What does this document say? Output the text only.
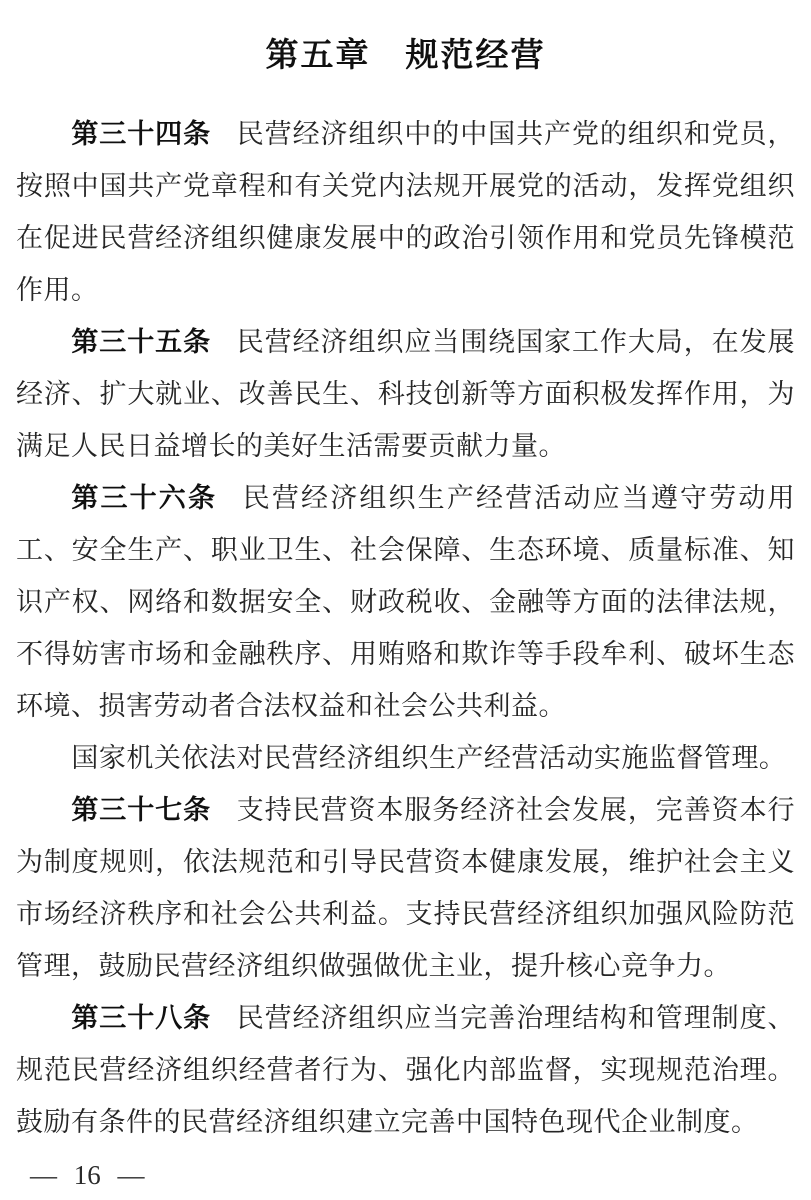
第五章　规范经营

第三十四条 民营经济组织中的中国共产党的组织和党员，按照中国共产党章程和有关党内法规开展党的活动，发挥党组织在促进民营经济组织健康发展中的政治引领作用和党员先锋模范作用。

第三十五条 民营经济组织应当围绕国家工作大局，在发展经济、扩大就业、改善民生、科技创新等方面积极发挥作用，为满足人民日益增长的美好生活需要贡献力量。

第三十六条 民营经济组织生产经营活动应当遵守劳动用工、安全生产、职业卫生、社会保障、生态环境、质量标准、知识产权、网络和数据安全、财政税收、金融等方面的法律法规，不得妨害市场和金融秩序、用贿赂和欺诈等手段牟利、破坏生态环境、损害劳动者合法权益和社会公共利益。

国家机关依法对民营经济组织生产经营活动实施监督管理。

第三十七条 支持民营资本服务经济社会发展，完善资本行为制度规则，依法规范和引导民营资本健康发展，维护社会主义市场经济秩序和社会公共利益。支持民营经济组织加强风险防范管理，鼓励民营经济组织做强做优主业，提升核心竞争力。

第三十八条 民营经济组织应当完善治理结构和管理制度、规范民营经济组织经营者行为、强化内部监督，实现规范治理。鼓励有条件的民营经济组织建立完善中国特色现代企业制度。

— 16 —
